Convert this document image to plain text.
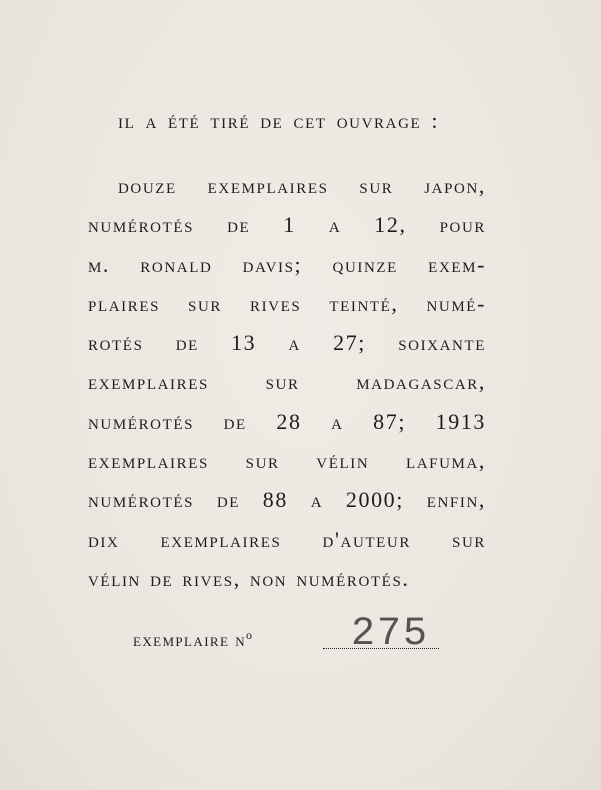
il a été tiré de cet ouvrage :
douze exemplaires sur japon,
numérotés de 1 a 12, pour
m. ronald davis; quinze exem-
plaires sur rives teinté, numé-
rotés de 13 a 27; soixante
exemplaires sur madagascar,
numérotés de 28 a 87; 1913
exemplaires sur vélin lafuma,
numérotés de 88 a 2000; enfin,
dix exemplaires d'auteur sur
vélin de rives, non numérotés.
exemplaire $n^o$ 275
